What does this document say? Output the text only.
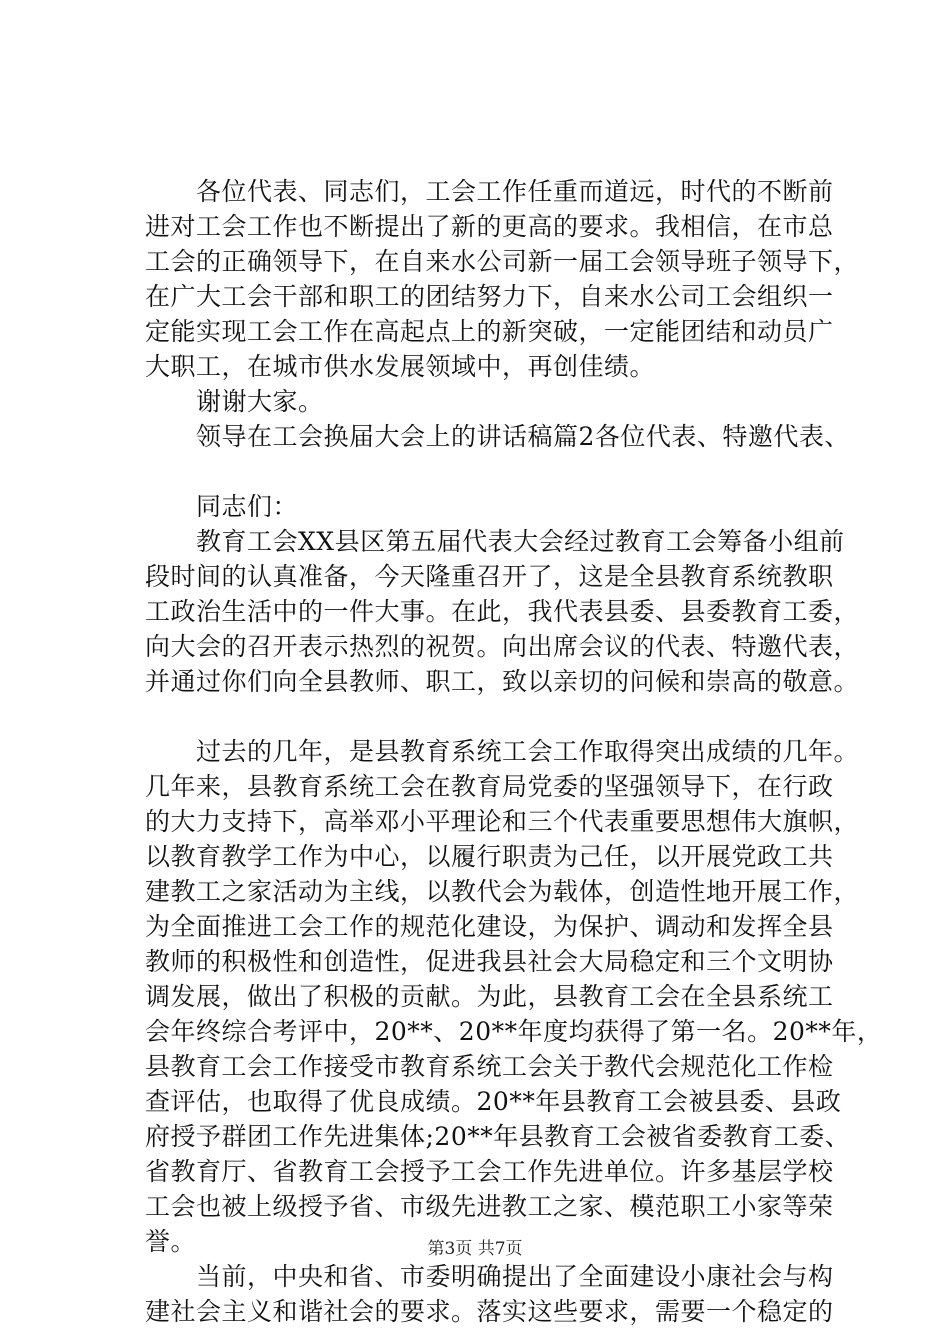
　　各位代表、同志们，工会工作任重而道远，时代的不断前
进对工会工作也不断提出了新的更高的要求。我相信，在市总
工会的正确领导下，在自来水公司新一届工会领导班子领导下，
在广大工会干部和职工的团结努力下，自来水公司工会组织一
定能实现工会工作在高起点上的新突破，一定能团结和动员广
大职工，在城市供水发展领域中，再创佳绩。
　　谢谢大家。
　　领导在工会换届大会上的讲话稿篇2各位代表、特邀代表、
　　同志们：
　　教育工会XX县区第五届代表大会经过教育工会筹备小组前
段时间的认真准备，今天隆重召开了，这是全县教育系统教职
工政治生活中的一件大事。在此，我代表县委、县委教育工委，
向大会的召开表示热烈的祝贺。向出席会议的代表、特邀代表，
并通过你们向全县教师、职工，致以亲切的问候和崇高的敬意。
　　过去的几年，是县教育系统工会工作取得突出成绩的几年。
几年来，县教育系统工会在教育局党委的坚强领导下，在行政
的大力支持下，高举邓小平理论和三个代表重要思想伟大旗帜，
以教育教学工作为中心，以履行职责为己任，以开展党政工共
建教工之家活动为主线，以教代会为载体，创造性地开展工作，
为全面推进工会工作的规范化建设，为保护、调动和发挥全县
教师的积极性和创造性，促进我县社会大局稳定和三个文明协
调发展，做出了积极的贡献。为此，县教育工会在全县系统工
会年终综合考评中，20**、20**年度均获得了第一名。20**年，
县教育工会工作接受市教育系统工会关于教代会规范化工作检
查评估，也取得了优良成绩。20**年县教育工会被县委、县政
府授予群团工作先进集体;20**年县教育工会被省委教育工委、
省教育厅、省教育工会授予工会工作先进单位。许多基层学校
工会也被上级授予省、市级先进教工之家、模范职工小家等荣
誉。
　　当前，中央和省、市委明确提出了全面建设小康社会与构
建社会主义和谐社会的要求。落实这些要求，需要一个稳定的
第3页 共7页
